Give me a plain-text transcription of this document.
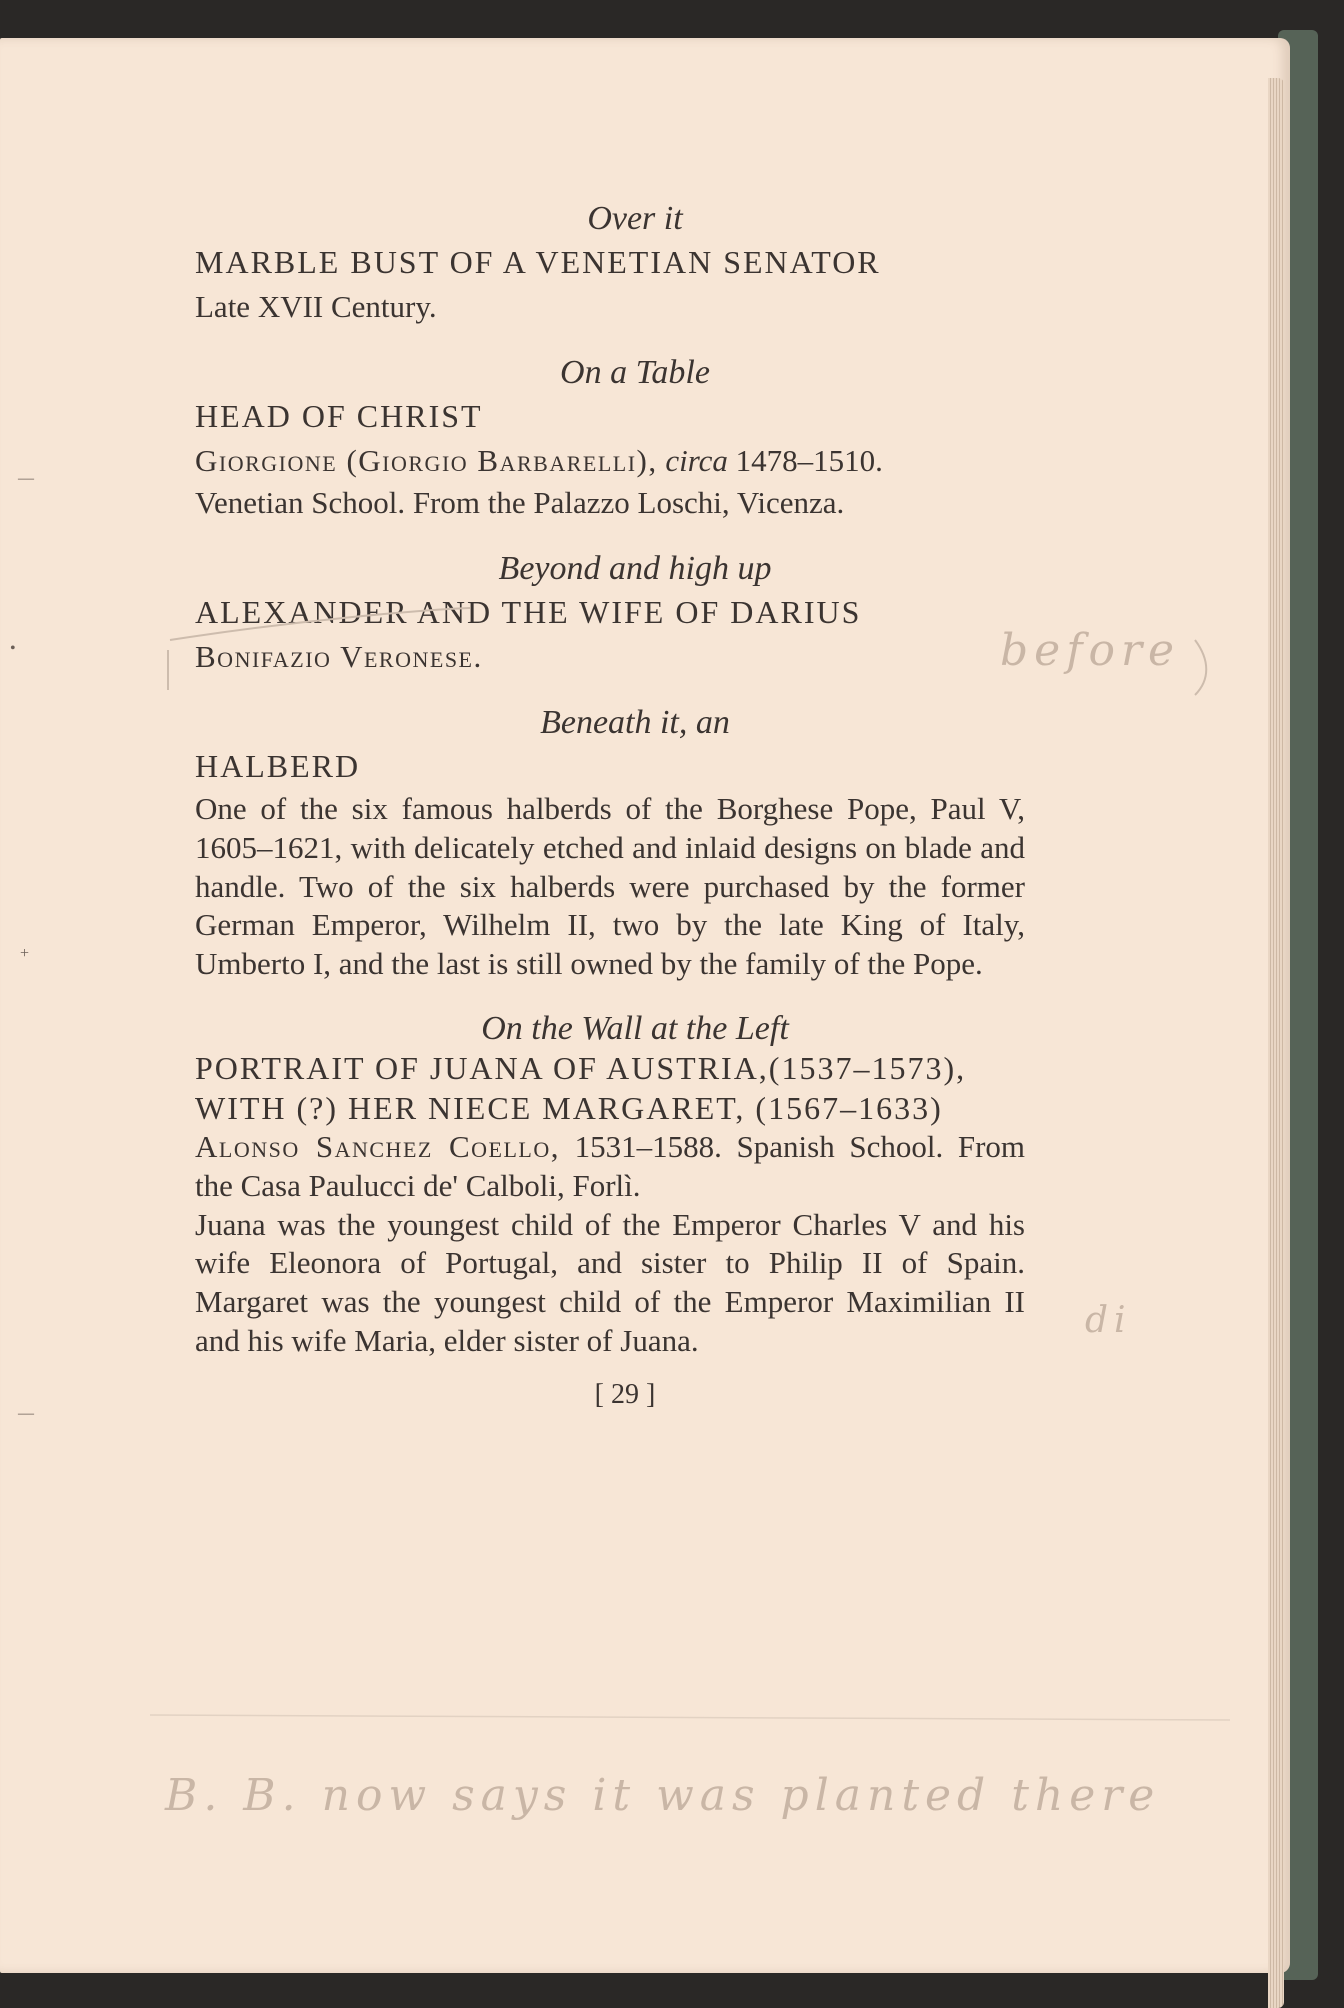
Over it

MARBLE BUST OF A VENETIAN SENATOR

Late XVII Century.

On a Table

HEAD OF CHRIST

Giorgione (Giorgio Barbarelli), circa 1478–1510.

Venetian School. From the Palazzo Loschi, Vicenza.

Beyond and high up

ALEXANDER AND THE WIFE OF DARIUS

Bonifazio Veronese.

Beneath it, an

HALBERD

One of the six famous halberds of the Borghese Pope, Paul V, 1605–1621, with delicately etched and inlaid designs on blade and handle. Two of the six halberds were purchased by the former German Emperor, Wilhelm II, two by the late King of Italy, Umberto I, and the last is still owned by the family of the Pope.

On the Wall at the Left

PORTRAIT OF JUANA OF AUSTRIA,(1537–1573),

WITH (?) HER NIECE MARGARET, (1567–1633)

Alonso Sanchez Coello, 1531–1588. Spanish School. From the Casa Paulucci de' Calboli, Forlì.

Juana was the youngest child of the Emperor Charles V and his wife Eleonora of Portugal, and sister to Philip II of Spain. Margaret was the youngest child of the Emperor Maximilian II and his wife Maria, elder sister of Juana.

[ 29 ]

before
di
B. B. now says it was planted there
—
•
+
—
